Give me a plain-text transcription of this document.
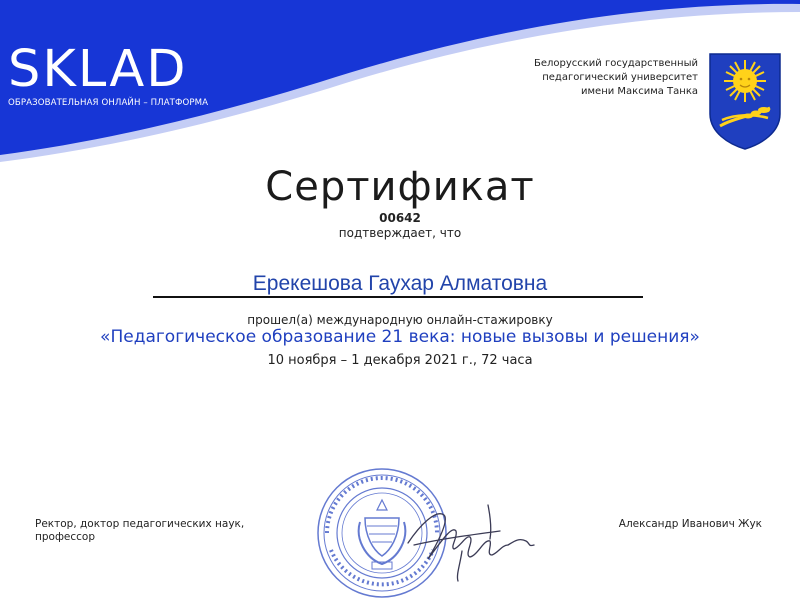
SKLAD
ОБРАЗОВАТЕЛЬНАЯ ОНЛАЙН – ПЛАТФОРМА
Белорусский государственный
педагогический университет
имени Максима Танка
Сертификат
00642
подтверждает, что
Ерекешова Гаухар Алматовна
прошел(а) международную онлайн-стажировку
«Педагогическое образование 21 века: новые вызовы и решения»
10 ноября – 1 декабря 2021 г., 72 часа
Ректор, доктор педагогических наук, профессор
Александр Иванович Жук
